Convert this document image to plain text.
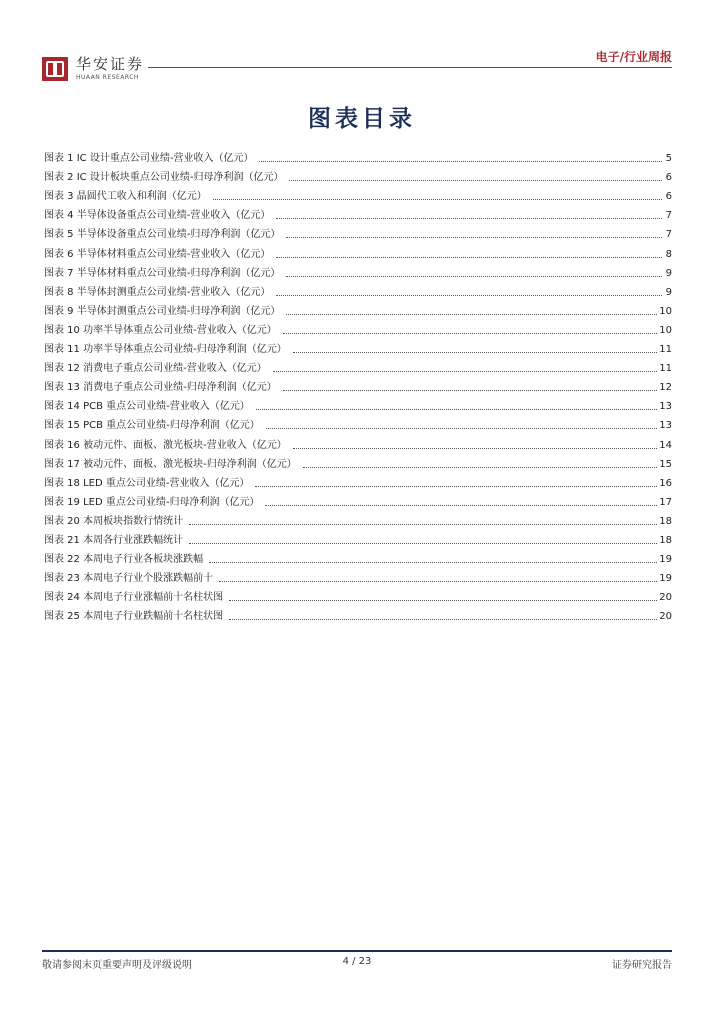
华安证券
HUAAN RESEARCH
电子/行业周报
图表目录
图表 1 IC 设计重点公司业绩-营业收入（亿元）	5
图表 2 IC 设计板块重点公司业绩-归母净利润（亿元）	6
图表 3 晶圆代工收入和利润（亿元）	6
图表 4 半导体设备重点公司业绩-营业收入（亿元）	7
图表 5 半导体设备重点公司业绩-归母净利润（亿元）	7
图表 6 半导体材料重点公司业绩-营业收入（亿元）	8
图表 7 半导体材料重点公司业绩-归母净利润（亿元）	9
图表 8 半导体封测重点公司业绩-营业收入（亿元）	9
图表 9 半导体封测重点公司业绩-归母净利润（亿元）	10
图表 10 功率半导体重点公司业绩-营业收入（亿元）	10
图表 11 功率半导体重点公司业绩-归母净利润（亿元）	11
图表 12 消费电子重点公司业绩-营业收入（亿元）	11
图表 13 消费电子重点公司业绩-归母净利润（亿元）	12
图表 14 PCB 重点公司业绩-营业收入（亿元）	13
图表 15 PCB 重点公司业绩-归母净利润（亿元）	13
图表 16 被动元件、面板、激光板块-营业收入（亿元）	14
图表 17 被动元件、面板、激光板块-归母净利润（亿元）	15
图表 18 LED 重点公司业绩-营业收入（亿元）	16
图表 19 LED 重点公司业绩-归母净利润（亿元）	17
图表 20 本周板块指数行情统计	18
图表 21 本周各行业涨跌幅统计	18
图表 22 本周电子行业各板块涨跌幅	19
图表 23 本周电子行业个股涨跌幅前十	19
图表 24 本周电子行业涨幅前十名柱状图	20
图表 25 本周电子行业跌幅前十名柱状图	20
敬请参阅末页重要声明及评级说明	4 / 23	证券研究报告
